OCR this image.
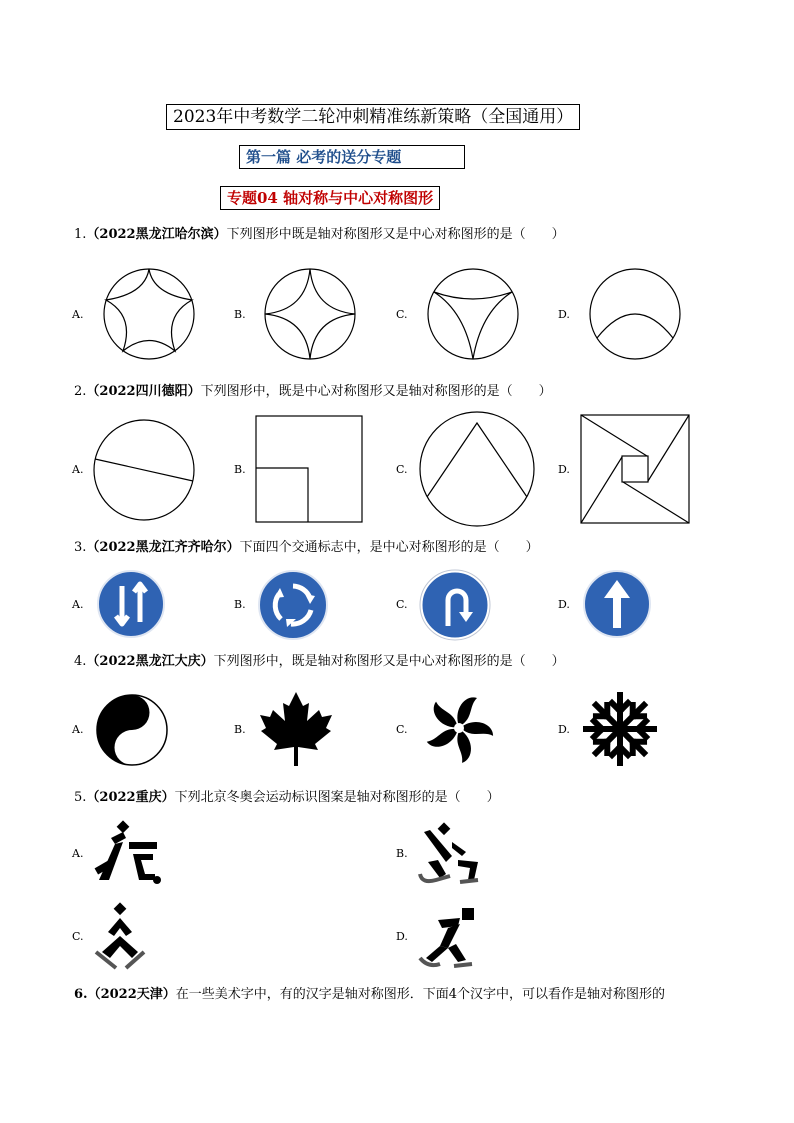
2023年中考数学二轮冲刺精准练新策略（全国通用）
第一篇 必考的送分专题
专题04 轴对称与中心对称图形
1.（2022黑龙江哈尔滨）下列图形中既是轴对称图形又是中心对称图形的是（　　）
A.	B.	C.	D.
2.（2022四川德阳）下列图形中，既是中心对称图形又是轴对称图形的是（　　）
A.	B.	C.	D.
3.（2022黑龙江齐齐哈尔）下面四个交通标志中，是中心对称图形的是（　　）
A.	B.	C.	D.
4.（2022黑龙江大庆）下列图形中，既是轴对称图形又是中心对称图形的是（　　）
A.	B.	C.	D.
5.（2022重庆）下列北京冬奥会运动标识图案是轴对称图形的是（　　）
A.	B.
C.	D.
6.（2022天津）在一些美术字中，有的汉字是轴对称图形．下面4个汉字中，可以看作是轴对称图形的
